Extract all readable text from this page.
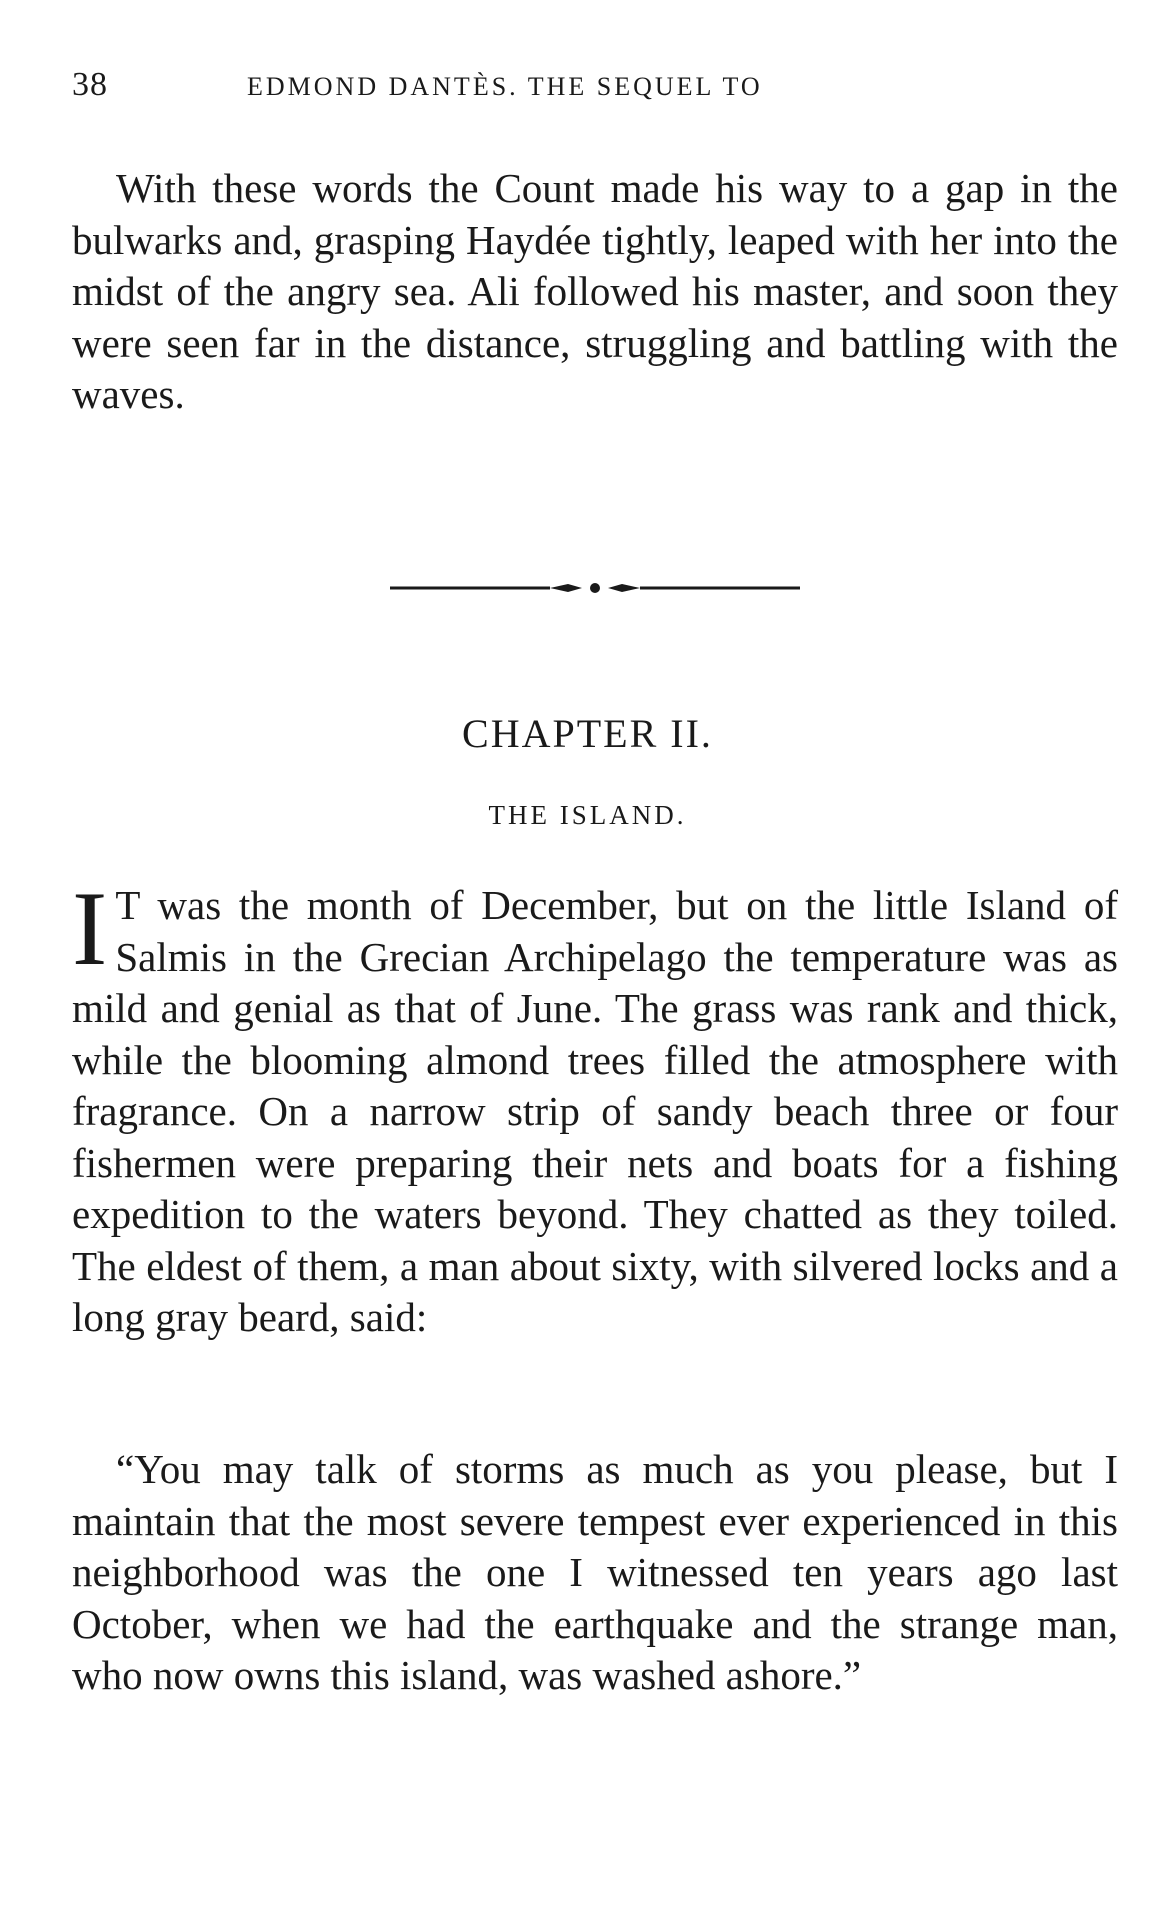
38	EDMOND DANTÈS. THE SEQUEL TO

With these words the Count made his way to a gap in the bulwarks and, grasping Haydée tightly, leaped with her into the midst of the angry sea. Ali followed his master, and soon they were seen far in the distance, struggling and battling with the waves.

CHAPTER II.
THE ISLAND.

I T was the month of December, but on the little Island of Salmis in the Grecian Archipelago the temperature was as mild and genial as that of June. The grass was rank and thick, while the blooming almond trees filled the atmosphere with fragrance. On a narrow strip of sandy beach three or four fishermen were preparing their nets and boats for a fishing expedition to the waters beyond. They chatted as they toiled. The eldest of them, a man about sixty, with silvered locks and a long gray beard, said:

“You may talk of storms as much as you please, but I maintain that the most severe tempest ever experienced in this neighborhood was the one I witnessed ten years ago last October, when we had the earthquake and the strange man, who now owns this island, was washed ashore.”
